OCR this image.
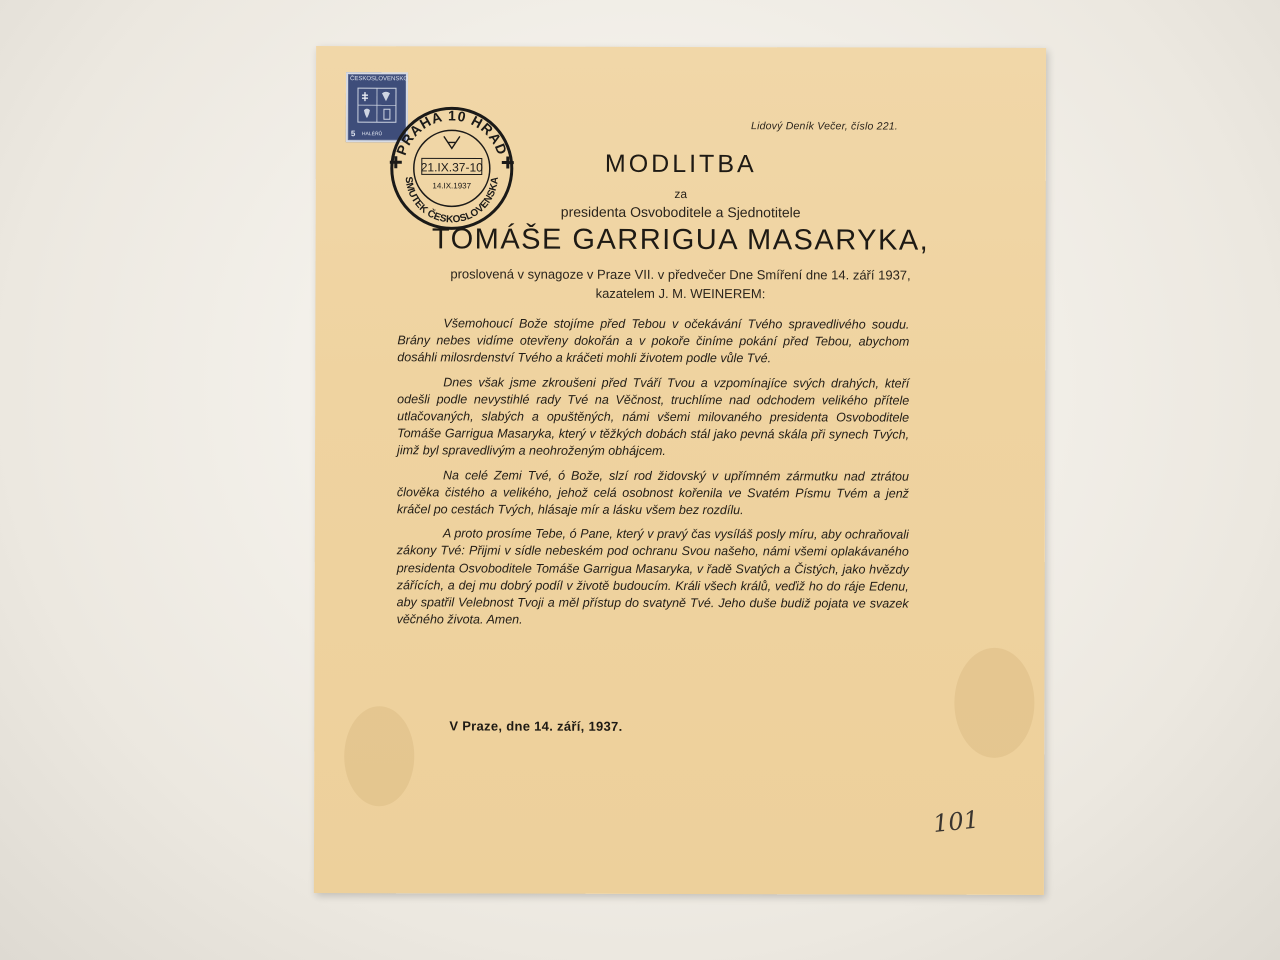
ČESKOSLOVENSKO
5 HALÉŘŮ
PRAHA 10 HRAD
SMUTEK ČESKOSLOVENSKA
21.IX.37-10
14.IX.1937
Lidový Deník Večer, číslo 221.
MODLITBA
za
presidenta Osvoboditele a Sjednotitele
TOMÁŠE GARRIGUA MASARYKA,
proslovená v synagoze v Praze VII. v předvečer Dne Smíření dne 14. září 1937,
kazatelem J. M. WEINEREM:

Všemohoucí Bože stojíme před Tebou v očekávání Tvého spravedlivého soudu. Brány nebes vidíme otevřeny dokořán a v pokoře činíme pokání před Tebou, abychom dosáhli milosrdenství Tvého a kráčeti mohli životem podle vůle Tvé.

Dnes však jsme zkroušeni před Tváří Tvou a vzpomínajíce svých drahých, kteří odešli podle nevystihlé rady Tvé na Věčnost, truchlíme nad odchodem velikého přítele utlačovaných, slabých a opuštěných, námi všemi milovaného presidenta Osvoboditele Tomáše Garrigua Masaryka, který v těžkých dobách stál jako pevná skála při synech Tvých, jimž byl spravedlivým a neohroženým obhájcem.

Na celé Zemi Tvé, ó Bože, slzí rod židovský v upřímném zármutku nad ztrátou člověka čistého a velikého, jehož celá osobnost kořenila ve Svatém Písmu Tvém a jenž kráčel po cestách Tvých, hlásaje mír a lásku všem bez rozdílu.

A proto prosíme Tebe, ó Pane, který v pravý čas vysíláš posly míru, aby ochraňovali zákony Tvé: Přijmi v sídle nebeském pod ochranu Svou našeho, námi všemi oplakávaného presidenta Osvoboditele Tomáše Garrigua Masaryka, v řadě Svatých a Čistých, jako hvězdy zářících, a dej mu dobrý podíl v životě budoucím. Králi všech králů, veďiž ho do ráje Edenu, aby spatřil Velebnost Tvoji a měl přístup do svatyně Tvé. Jeho duše budiž pojata ve svazek věčného života. Amen.

V Praze, dne 14. září, 1937.
101
